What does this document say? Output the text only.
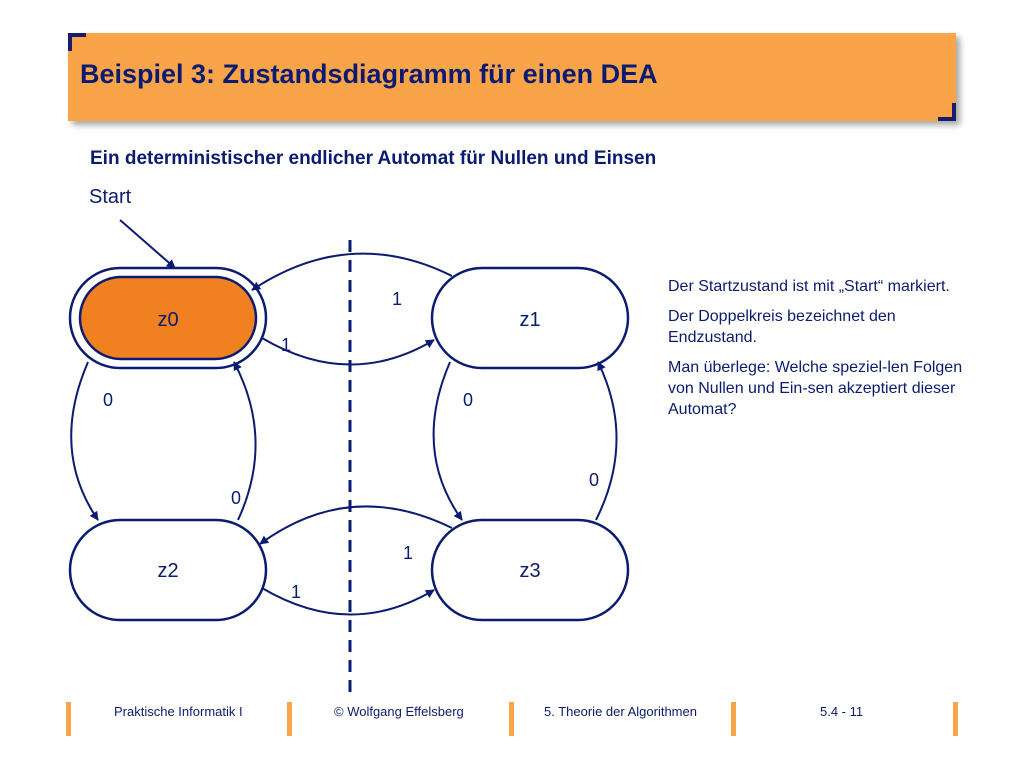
Beispiel 3: Zustandsdiagramm für einen DEA
Ein deterministischer endlicher Automat für Nullen und Einsen
Start
z0	z1
z2	z3
1
1
0
0
0
0
1
1

Der Startzustand ist mit „Start“ markiert.

Der Doppelkreis bezeichnet den Endzustand.

Man überlege: Welche speziel-len Folgen von Nullen und Ein-sen akzeptiert dieser Automat?

Praktische Informatik I	© Wolfgang Effelsberg	5. Theorie der Algorithmen	5.4 - 11
